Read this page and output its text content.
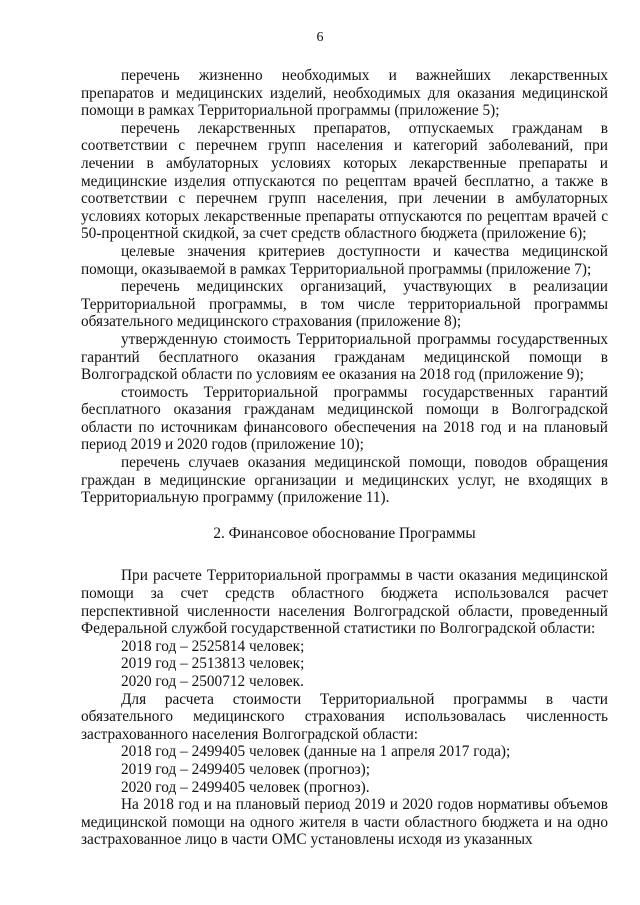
6

перечень жизненно необходимых и важнейших лекарственных препаратов и медицинских изделий, необходимых для оказания медицинской помощи в рамках Территориальной программы (приложение 5);

перечень лекарственных препаратов, отпускаемых гражданам в соответствии с перечнем групп населения и категорий заболеваний, при лечении в амбулаторных условиях которых лекарственные препараты и медицинские изделия отпускаются по рецептам врачей бесплатно, а также в соответствии с перечнем групп населения, при лечении в амбулаторных условиях которых лекарственные препараты отпускаются по рецептам врачей с 50-процентной скидкой, за счет средств областного бюджета (приложение 6);

целевые значения критериев доступности и качества медицинской помощи, оказываемой в рамках Территориальной программы (приложение 7);

перечень медицинских организаций, участвующих в реализации Территориальной программы, в том числе территориальной программы обязательного медицинского страхования (приложение 8);

утвержденную стоимость Территориальной программы государственных гарантий бесплатного оказания гражданам медицинской помощи в Волгоградской области по условиям ее оказания на 2018 год (приложение 9);

стоимость Территориальной программы государственных гарантий бесплатного оказания гражданам медицинской помощи в Волгоградской области по источникам финансового обеспечения на 2018 год и на плановый период 2019 и 2020 годов (приложение 10);

перечень случаев оказания медицинской помощи, поводов обращения граждан в медицинские организации и медицинских услуг, не входящих в Территориальную программу (приложение 11).

2. Финансовое обоснование Программы

При расчете Территориальной программы в части оказания медицинской помощи за счет средств областного бюджета использовался расчет перспективной численности населения Волгоградской области, проведенный Федеральной службой государственной статистики по Волгоградской области:

2018 год – 2525814 человек;

2019 год – 2513813 человек;

2020 год – 2500712 человек.

Для расчета стоимости Территориальной программы в части обязательного медицинского страхования использовалась численность застрахованного населения Волгоградской области:

2018 год – 2499405 человек (данные на 1 апреля 2017 года);

2019 год – 2499405 человек (прогноз);

2020 год – 2499405 человек (прогноз).

На 2018 год и на плановый период 2019 и 2020 годов нормативы объемов медицинской помощи на одного жителя в части областного бюджета и на одно застрахованное лицо в части ОМС установлены исходя из указанных
